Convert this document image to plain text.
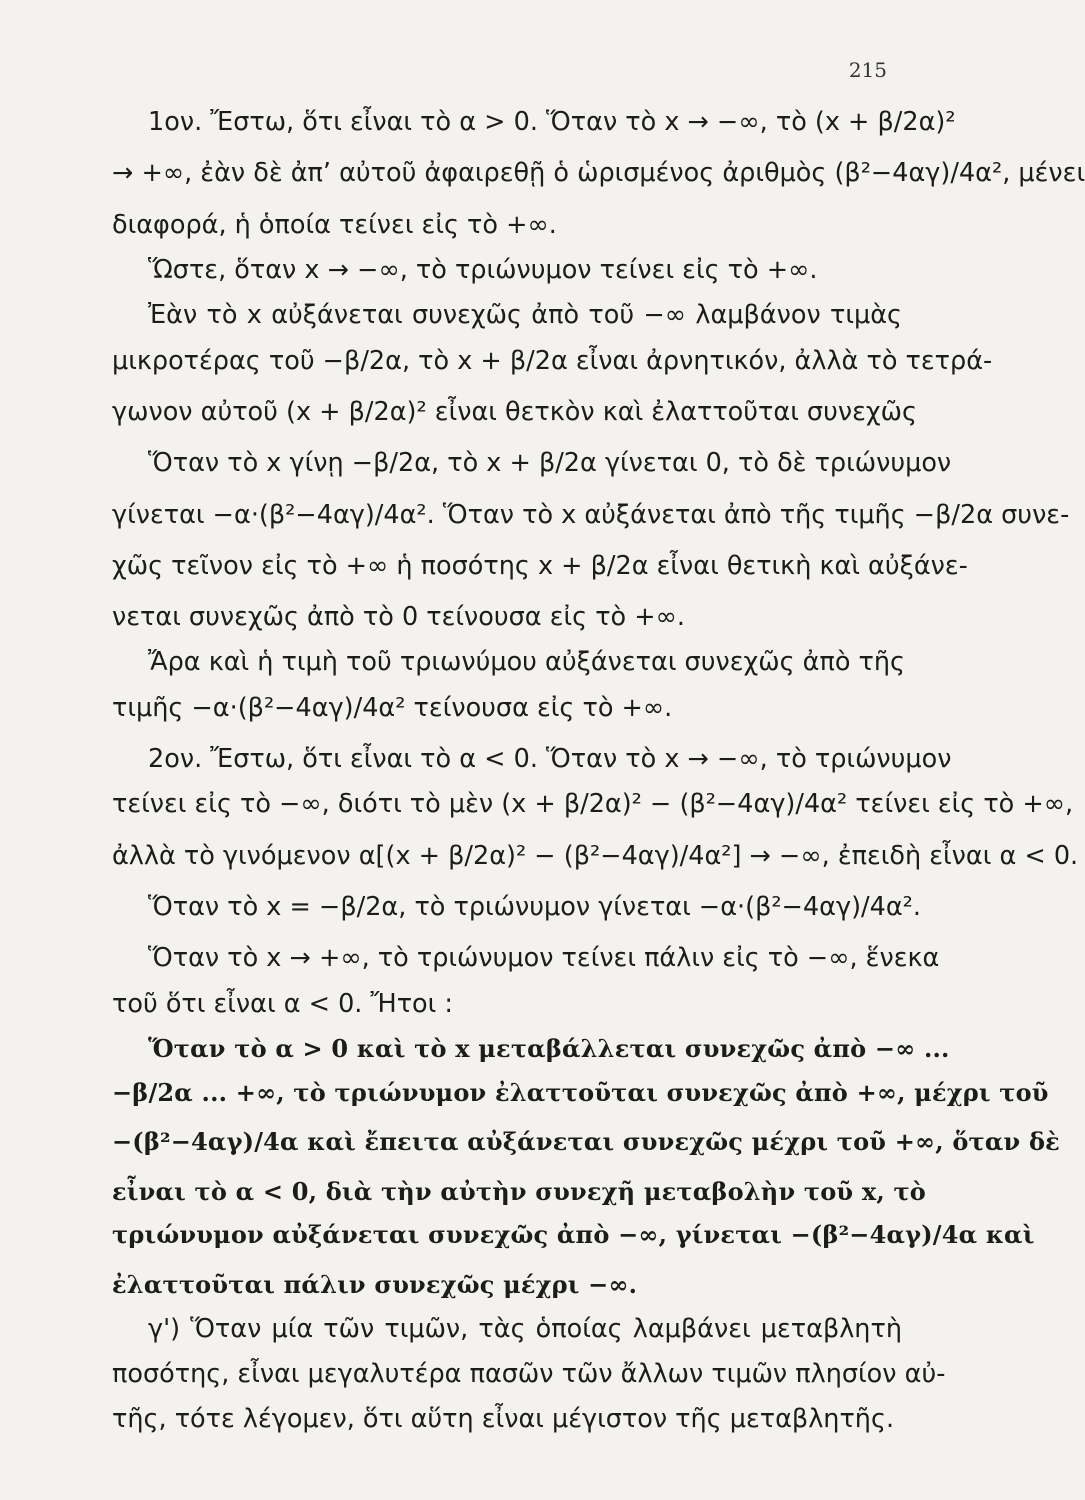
215
1ον. Ἔστω, ὅτι εἶναι τὸ α > 0. Ὅταν τὸ x → −∞, τὸ (x + β/2α)²
→ +∞, ἐὰν δὲ ἀπ’ αὐτοῦ ἀφαιρεθῇ ὁ ὡρισμένος ἀριθμὸς (β²−4αγ)/4α², μένει
διαφορά, ἡ ὁποία τείνει εἰς τὸ +∞.
Ὥστε, ὅταν x → −∞, τὸ τριώνυμον τείνει εἰς τὸ +∞.
Ἐὰν τὸ x αὐξάνεται συνεχῶς ἀπὸ τοῦ −∞ λαμβάνον τιμὰς
μικροτέρας τοῦ −β/2α, τὸ x + β/2α εἶναι ἀρνητικόν, ἀλλὰ τὸ τετρά-
γωνον αὐτοῦ (x + β/2α)² εἶναι θετκὸν καὶ ἐλαττοῦται συνεχῶς
Ὅταν τὸ x γίνῃ −β/2α, τὸ x + β/2α γίνεται 0, τὸ δὲ τριώνυμον
γίνεται −α·(β²−4αγ)/4α². Ὅταν τὸ x αὐξάνεται ἀπὸ τῆς τιμῆς −β/2α συνε-
χῶς τεῖνον εἰς τὸ +∞ ἡ ποσότης x + β/2α εἶναι θετικὴ καὶ αὐξάνε-
νεται συνεχῶς ἀπὸ τὸ 0 τείνουσα εἰς τὸ +∞.
Ἄρα καὶ ἡ τιμὴ τοῦ τριωνύμου αὐξάνεται συνεχῶς ἀπὸ τῆς
τιμῆς −α·(β²−4αγ)/4α² τείνουσα εἰς τὸ +∞.
2ον. Ἔστω, ὅτι εἶναι τὸ α < 0. Ὅταν τὸ x → −∞, τὸ τριώνυμον
τείνει εἰς τὸ −∞, διότι τὸ μὲν (x + β/2α)² − (β²−4αγ)/4α² τείνει εἰς τὸ +∞,
ἀλλὰ τὸ γινόμενον α[(x + β/2α)² − (β²−4αγ)/4α²] → −∞, ἐπειδὴ εἶναι α < 0.
Ὅταν τὸ x = −β/2α, τὸ τριώνυμον γίνεται −α·(β²−4αγ)/4α².
Ὅταν τὸ x → +∞, τὸ τριώνυμον τείνει πάλιν εἰς τὸ −∞, ἕνεκα
τοῦ ὅτι εἶναι α < 0. Ἤτοι :
Ὅταν τὸ α > 0 καὶ τὸ x μεταβάλλεται συνεχῶς ἀπὸ −∞ ...
−β/2α ... +∞, τὸ τριώνυμον ἐλαττοῦται συνεχῶς ἀπὸ +∞, μέχρι τοῦ
−(β²−4αγ)/4α καὶ ἔπειτα αὐξάνεται συνεχῶς μέχρι τοῦ +∞, ὅταν δὲ
εἶναι τὸ α < 0, διὰ τὴν αὐτὴν συνεχῆ μεταβολὴν τοῦ x, τὸ
τριώνυμον αὐξάνεται συνεχῶς ἀπὸ −∞, γίνεται −(β²−4αγ)/4α καὶ
ἐλαττοῦται πάλιν συνεχῶς μέχρι −∞.
γ') Ὅταν μία τῶν τιμῶν, τὰς ὁποίας λαμβάνει μεταβλητὴ
ποσότης, εἶναι μεγαλυτέρα πασῶν τῶν ἄλλων τιμῶν πλησίον αὐ-
τῆς, τότε λέγομεν, ὅτι αὕτη εἶναι μέγιστον τῆς μεταβλητῆς.
